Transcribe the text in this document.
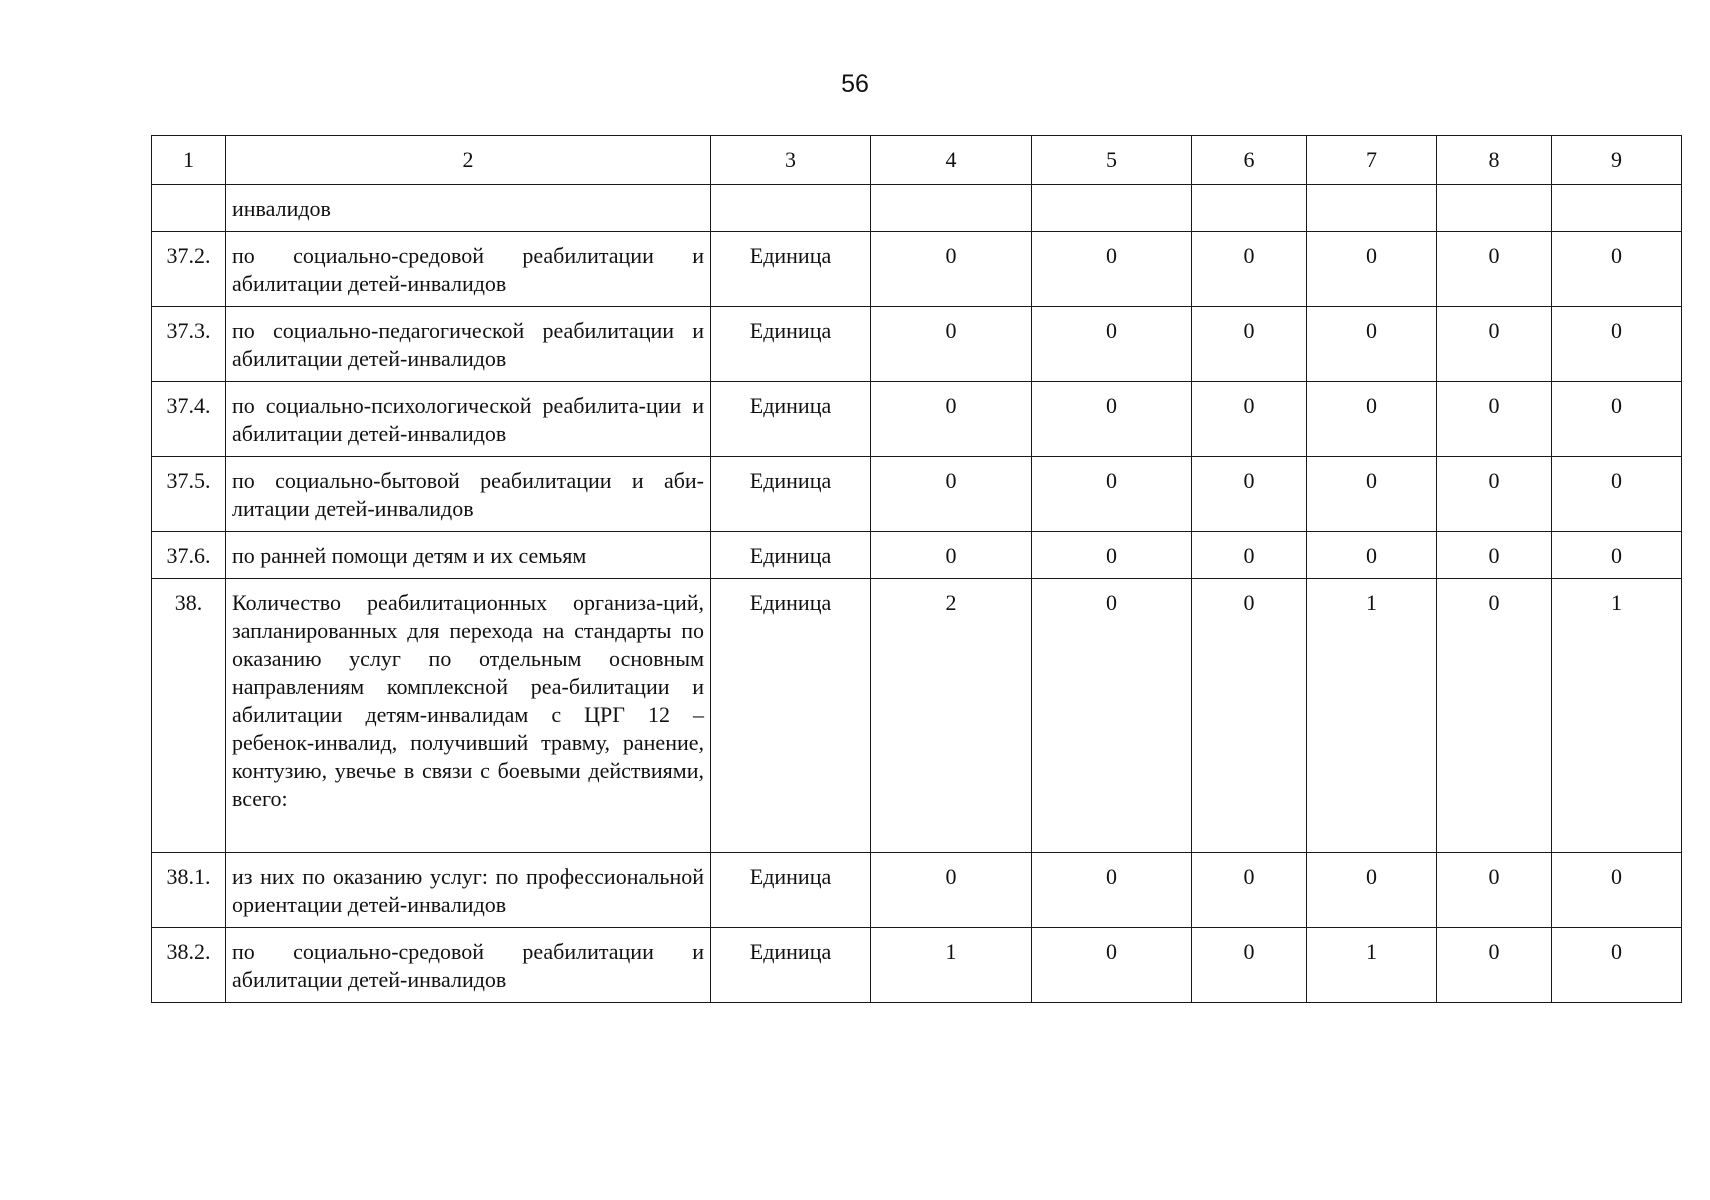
56
1	2	3	4	5	6	7	8	9
	инвалидов							
37.2.	по социально-средовой реабилитации и абилитации детей-инвалидов	Единица	0	0	0	0	0	0
37.3.	по социально-педагогической реабилитации и абилитации детей-инвалидов	Единица	0	0	0	0	0	0
37.4.	по социально-психологической реабилита-ции и абилитации детей-инвалидов	Единица	0	0	0	0	0	0
37.5.	по социально-бытовой реабилитации и аби-литации детей-инвалидов	Единица	0	0	0	0	0	0
37.6.	по ранней помощи детям и их семьям	Единица	0	0	0	0	0	0
38.	Количество реабилитационных организа-ций, запланированных для перехода на стандарты по оказанию услуг по отдельным основным направлениям комплексной реа-билитации и абилитации детям-инвалидам с ЦРГ 12 – ребенок-инвалид, получивший травму, ранение, контузию, увечье в связи с боевыми действиями, всего:	Единица	2	0	0	1	0	1
38.1.	из них по оказанию услуг: по профессиональной ориентации детей-инвалидов	Единица	0	0	0	0	0	0
38.2.	по социально-средовой реабилитации и абилитации детей-инвалидов	Единица	1	0	0	1	0	0
